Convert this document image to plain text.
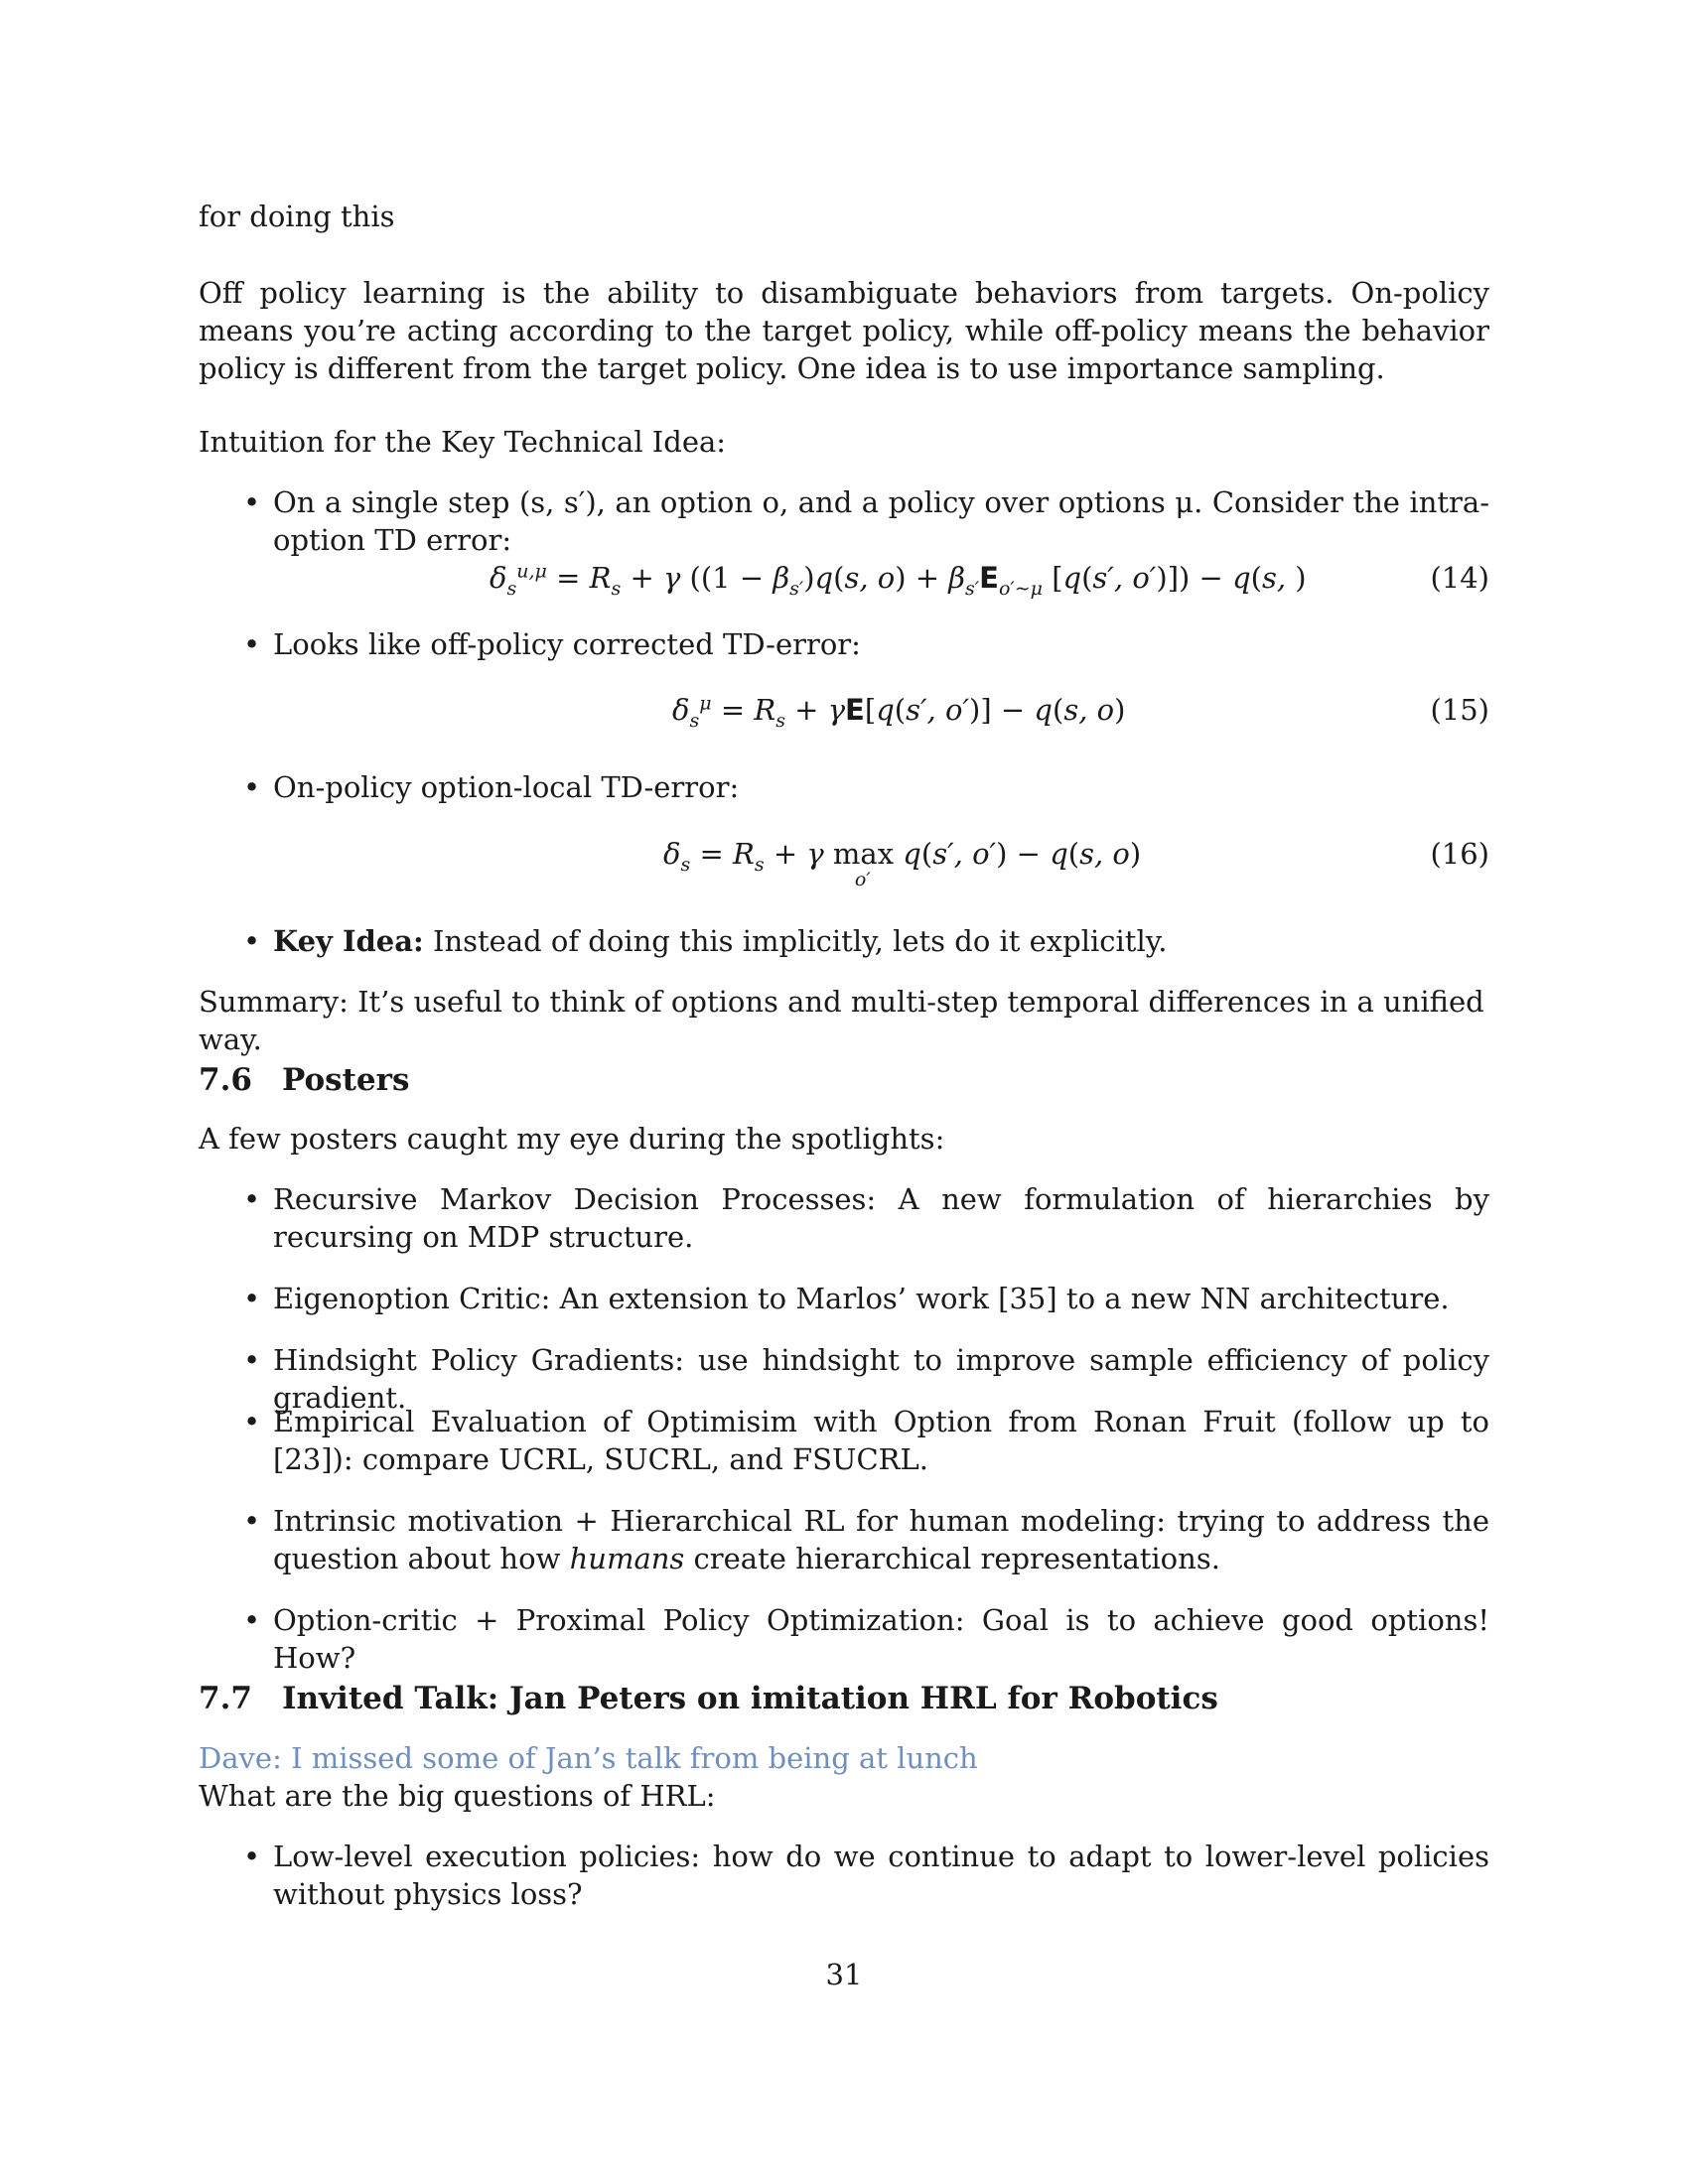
for doing this

Off policy learning is the ability to disambiguate behaviors from targets. On-policy means you’re acting according to the target policy, while off-policy means the behavior policy is different from the target policy. One idea is to use importance sampling.

Intuition for the Key Technical Idea:

• On a single step (s, s′), an option o, and a policy over options μ. Consider the intra-option TD error:

$\delta_s^{u,\mu} = R_s + \gamma$ ($(1 - \beta_{s'})q(s$, $o) + \beta_{s'}E_{o'\sim\mu}$ [q(s′, o′)]) − q(s, )	(14)
• Looks like off-policy corrected TD-error:

$\delta_s^\mu = R_s + \gamma E[q(s'$, o′)] − q(s, o)	(15)
• On-policy option-local TD-error:

$\delta_s = R_s + \gamma$ max
o′
q(s′, o′) − q(s, o)	(16)
• Key Idea: Instead of doing this implicitly, lets do it explicitly.

Summary: It’s useful to think of options and multi-step temporal differences in a unified way.

7.6 Posters

A few posters caught my eye during the spotlights:

• Recursive Markov Decision Processes: A new formulation of hierarchies by recursing on MDP structure.

• Eigenoption Critic: An extension to Marlos’ work [35] to a new NN architecture.

• Hindsight Policy Gradients: use hindsight to improve sample efficiency of policy gradient.

• Empirical Evaluation of Optimisim with Option from Ronan Fruit (follow up to [23]): compare UCRL, SUCRL, and FSUCRL.

• Intrinsic motivation + Hierarchical RL for human modeling: trying to address the question about how humans create hierarchical representations.

• Option-critic + Proximal Policy Optimization: Goal is to achieve good options! How?

7.7 Invited Talk: Jan Peters on imitation HRL for Robotics

Dave: I missed some of Jan’s talk from being at lunch

What are the big questions of HRL:

• Low-level execution policies: how do we continue to adapt to lower-level policies without physics loss?

31
